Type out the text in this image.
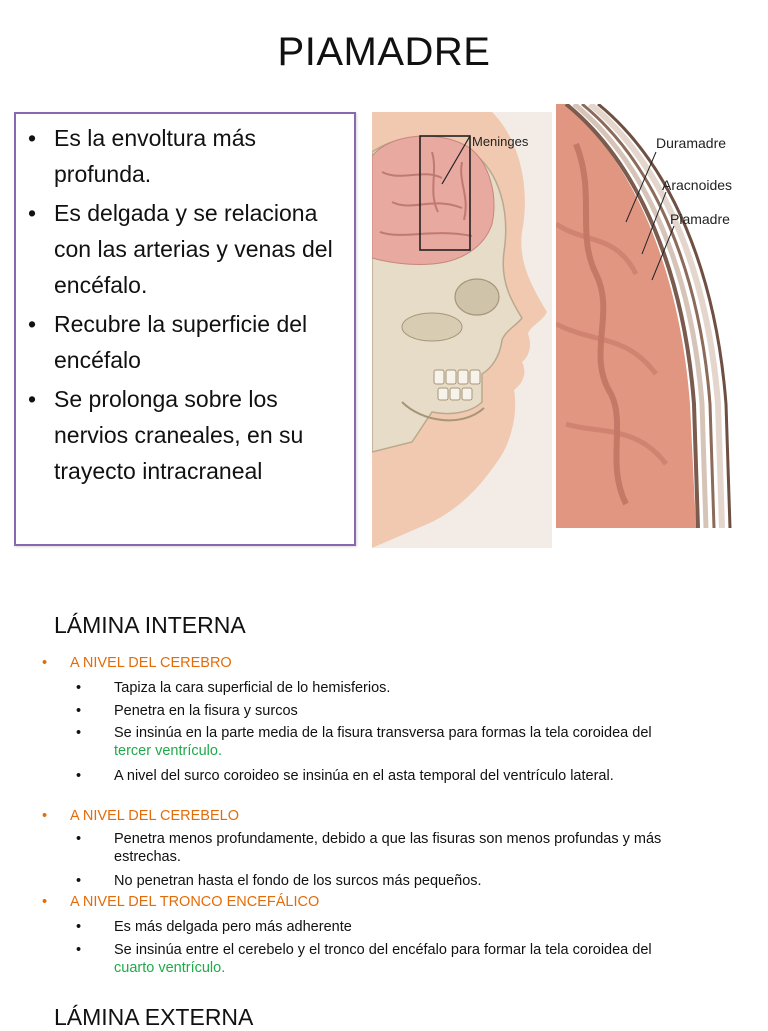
PIAMADRE
• Es la envoltura más profunda.
• Es delgada y se relaciona con las arterias y venas del encéfalo.
• Recubre la superficie del encéfalo
• Se prolonga sobre los nervios craneales, en su trayecto intracraneal
Meninges	Duramadre
Aracnoides
Piamadre
LÁMINA INTERNA
• A NIVEL DEL CEREBRO
• Tapiza la cara superficial de lo hemisferios.
• Penetra en la fisura y surcos
• Se insinúa en la parte media de la fisura transversa para formas la tela coroidea del tercer ventrículo.
• A nivel del surco coroideo se insinúa en el asta temporal del ventrículo lateral.
• A NIVEL DEL CEREBELO
• Penetra menos profundamente, debido a que las fisuras son menos profundas y más estrechas.
• No penetran hasta el fondo de los surcos más pequeños.
• A NIVEL DEL TRONCO ENCEFÁLICO
• Es más delgada pero más adherente
• Se insinúa entre el cerebelo y el tronco del encéfalo para formar la tela coroidea del cuarto ventrículo.
LÁMINA EXTERNA
